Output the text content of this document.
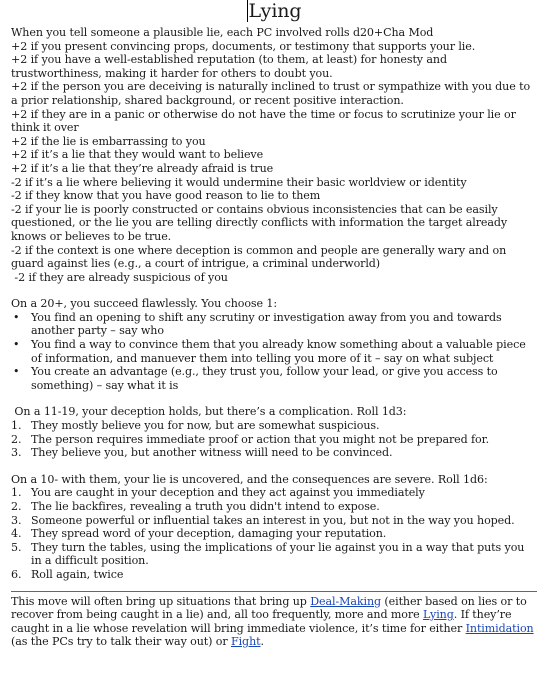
Lying

When you tell someone a plausible lie, each PC involved rolls d20+Cha Mod

+2 if you present convincing props, documents, or testimony that supports your lie.

+2 if you have a well-established reputation (to them, at least) for honesty and trustworthiness, making it harder for others to doubt you.

+2 if the person you are deceiving is naturally inclined to trust or sympathize with you due to a prior relationship, shared background, or recent positive interaction.

+2 if they are in a panic or otherwise do not have the time or focus to scrutinize your lie or think it over

+2 if the lie is embarrassing to you

+2 if it’s a lie that they would want to believe

+2 if it’s a lie that they’re already afraid is true

-2 if it’s a lie where believing it would undermine their basic worldview or identity

-2 if they know that you have good reason to lie to them

-2 if your lie is poorly constructed or contains obvious inconsistencies that can be easily questioned, or the lie you are telling directly conflicts with information the target already knows or believes to be true.

-2 if the context is one where deception is common and people are generally wary and on guard against lies (e.g., a court of intrigue, a criminal underworld)

-2 if they are already suspicious of you

On a 20+, you succeed flawlessly. You choose 1:

• You find an opening to shift any scrutiny or investigation away from you and towards another party – say who
• You find a way to convince them that you already know something about a valuable piece of information, and manuever them into telling you more of it – say on what subject
• You create an advantage (e.g., they trust you, follow your lead, or give you access to something) – say what it is

On a 11-19, your deception holds, but there’s a complication. Roll 1d3:

1. They mostly believe you for now, but are somewhat suspicious.
2. The person requires immediate proof or action that you might not be prepared for.
3. They believe you, but another witness wiill need to be convinced.

On a 10- with them, your lie is uncovered, and the consequences are severe. Roll 1d6:

1. You are caught in your deception and they act against you immediately
2. The lie backfires, revealing a truth you didn't intend to expose.
3. Someone powerful or influential takes an interest in you, but not in the way you hoped.
4. They spread word of your deception, damaging your reputation.
5. They turn the tables, using the implications of your lie against you in a way that puts you in a difficult position.
6. Roll again, twice

This move will often bring up situations that bring up Deal-Making (either based on lies or to recover from being caught in a lie) and, all too frequently, more and more Lying. If they’re caught in a lie whose revelation will bring immediate violence, it’s time for either Intimidation (as the PCs try to talk their way out) or Fight.
